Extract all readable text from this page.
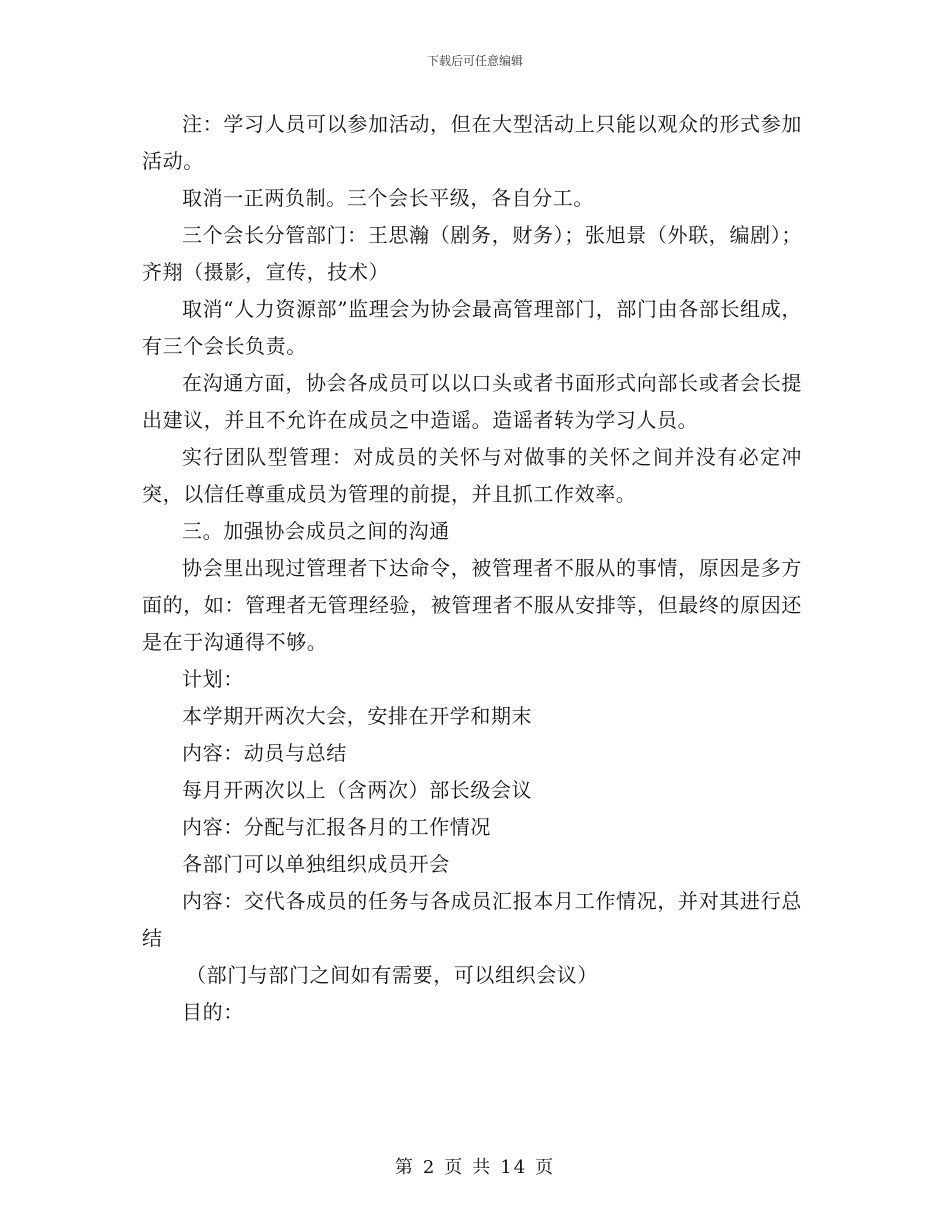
下载后可任意编辑

注：学习人员可以参加活动，但在大型活动上只能以观众的形式参加活动。

取消一正两负制。三个会长平级，各自分工。

三个会长分管部门：王思瀚（剧务，财务）；张旭景（外联，编剧）；齐翔（摄影，宣传，技术）

取消“人力资源部”监理会为协会最高管理部门，部门由各部长组成，有三个会长负责。

在沟通方面，协会各成员可以以口头或者书面形式向部长或者会长提出建议，并且不允许在成员之中造谣。造谣者转为学习人员。

实行团队型管理：对成员的关怀与对做事的关怀之间并没有必定冲突，以信任尊重成员为管理的前提，并且抓工作效率。

三。加强协会成员之间的沟通

协会里出现过管理者下达命令，被管理者不服从的事情，原因是多方面的，如：管理者无管理经验，被管理者不服从安排等，但最终的原因还是在于沟通得不够。

计划：

本学期开两次大会，安排在开学和期末

内容：动员与总结

每月开两次以上（含两次）部长级会议

内容：分配与汇报各月的工作情况

各部门可以单独组织成员开会

内容：交代各成员的任务与各成员汇报本月工作情况，并对其进行总结

（部门与部门之间如有需要，可以组织会议）

目的：

第 2 页 共 14 页
